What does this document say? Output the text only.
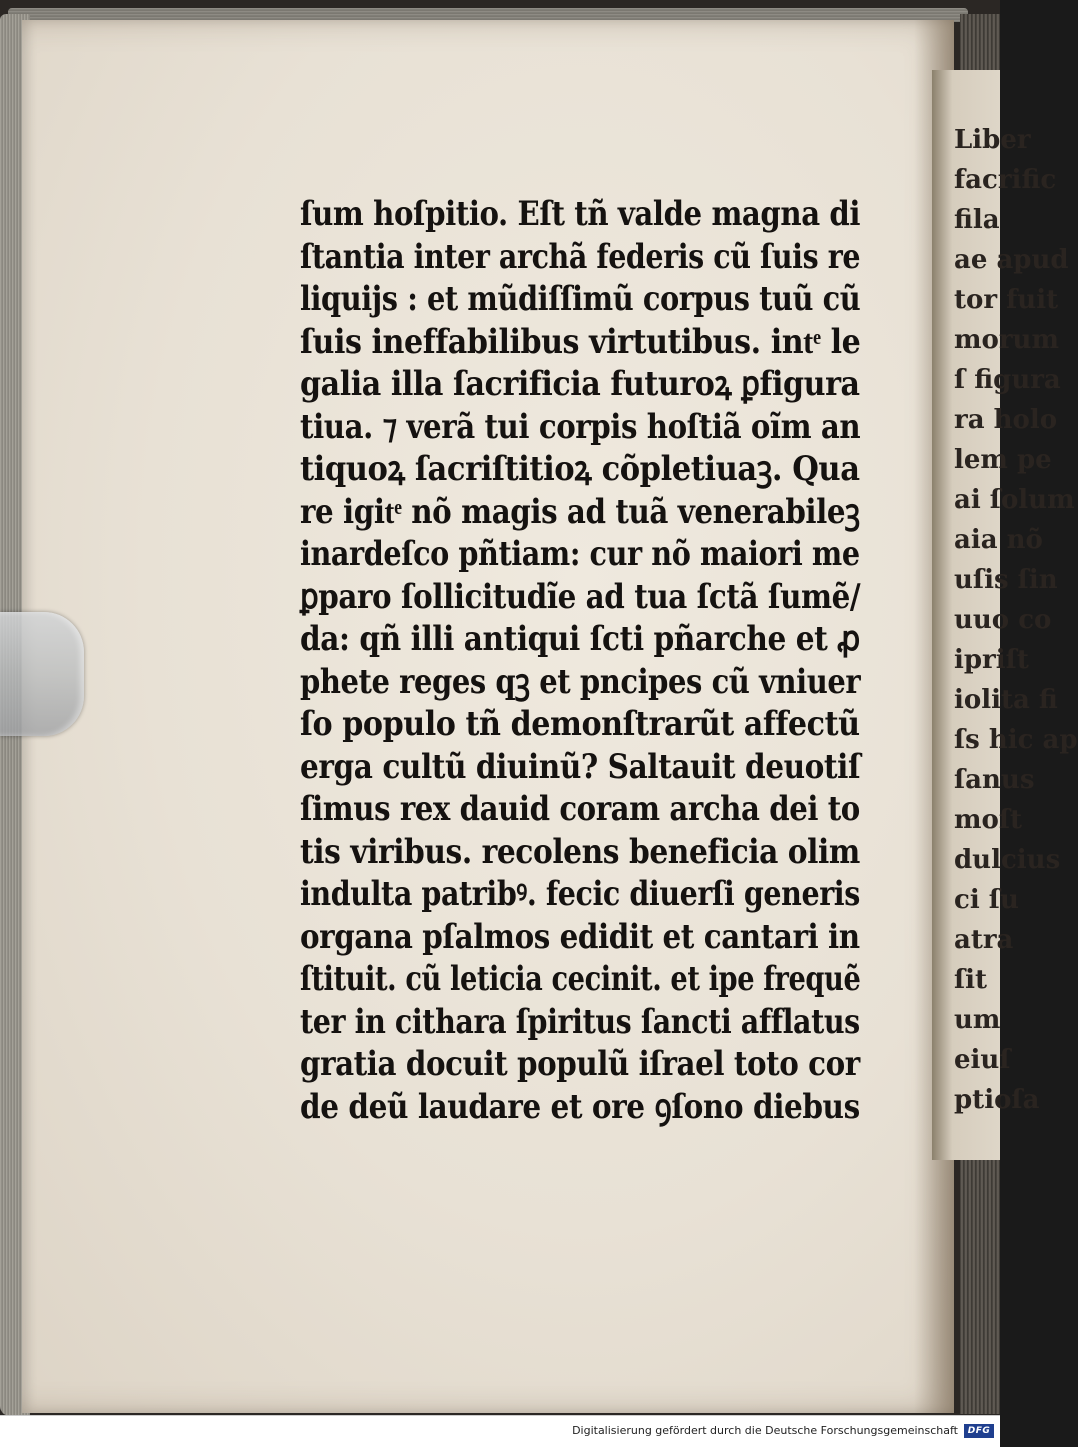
Liber
facrific
fila
ae apud
tor fuit
morum
ſ figura
ra holo
lem pe
ai ſolum
aia nõ
uſis ſin
uuo co
ipriſt
iolita fi
ſs hic ap
ſanus
moſt
dulcius
ci ſu
atra
ſit
um
eiuſ
ptioſa
ſum hoſpitio. Eſt tñ valde magna di
ſtantia inter archã federis cũ ſuis re
liquijs : et mũdiſſimũ corpus tuũ cũ
ſuis ineffabilibus virtutibus. intͤ le
galia illa ſacrificia futuroꝝ ꝑfigura
tiua. ⁊ verã tui corpis hoſtiã oĩm an
tiquoꝝ ſacriſtitioꝝ cõpletiuaꝫ. Qua
re igitͤ nõ magis ad tuã venerabileꝫ
inardeſco pñtiam: cur nõ maiori me
ꝑparo ſollicitudĩe ad tua ſctã ſumẽ/
da: qñ illi antiqui ſcti pñarche et ꝓ
phete reges qꝫ et pncipes cũ vniuer
ſo populo tñ demonſtrarũt affectũ
erga cultũ diuinũ? Saltauit deuotiſ
ſimus rex dauid coram archa dei to
tis viribus. recolens beneficia olim
indulta patribꝰ. fecic diuerſi generis
organa pſalmos edidit et cantari in
ſtituit. cũ leticia cecinit. et ipe frequẽ
ter in cithara ſpiritus ſancti afflatus
gratia docuit populũ iſrael toto cor
de deũ laudare et ore ꝯſono diebus
Digitalisierung gefördert durch die Deutsche Forschungsgemeinschaft	DFG
